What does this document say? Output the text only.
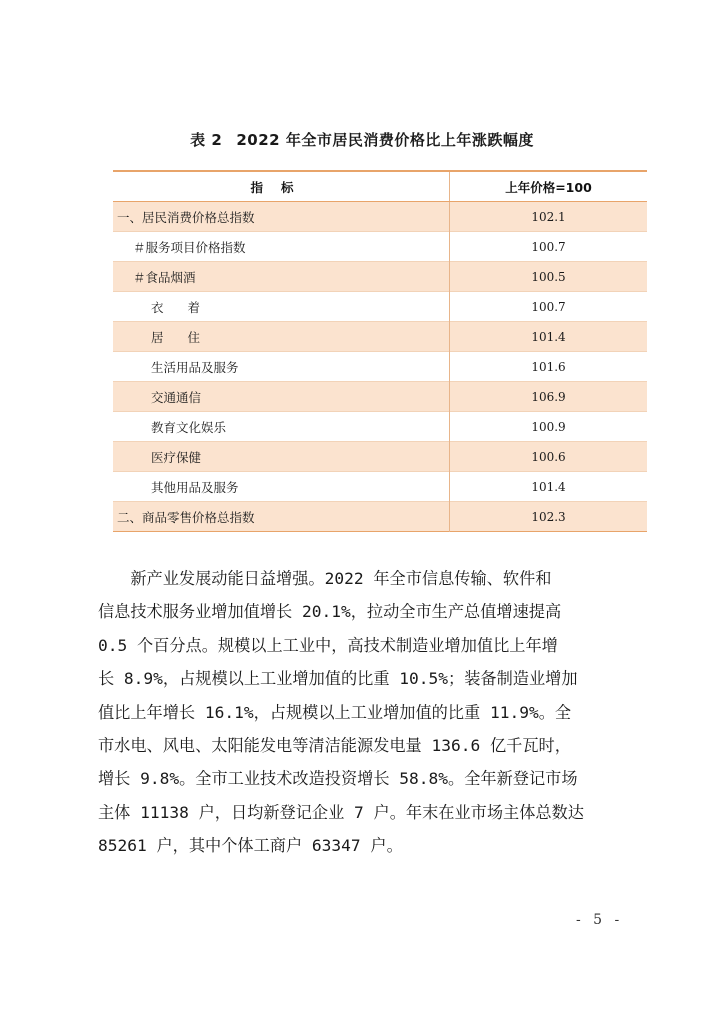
表 2 2022 年全市居民消费价格比上年涨跌幅度
指标	上年价格=100
一、居民消费价格总指数	102.1
＃服务项目价格指数	100.7
＃食品烟酒	100.5
衣着	100.7
居住	101.4
生活用品及服务	101.6
交通通信	106.9
教育文化娱乐	100.9
医疗保健	100.6
其他用品及服务	101.4
二、商品零售价格总指数	102.3
　　新产业发展动能日益增强。2022 年全市信息传输、软件和
信息技术服务业增加值增长 20.1%，拉动全市生产总值增速提高
0.5 个百分点。规模以上工业中，高技术制造业增加值比上年增
长 8.9%，占规模以上工业增加值的比重 10.5%；装备制造业增加
值比上年增长 16.1%，占规模以上工业增加值的比重 11.9%。全
市水电、风电、太阳能发电等清洁能源发电量 136.6 亿千瓦时，
增长 9.8%。全市工业技术改造投资增长 58.8%。全年新登记市场
主体 11138 户，日均新登记企业 7 户。年末在业市场主体总数达
85261 户，其中个体工商户 63347 户。
- 5 -
